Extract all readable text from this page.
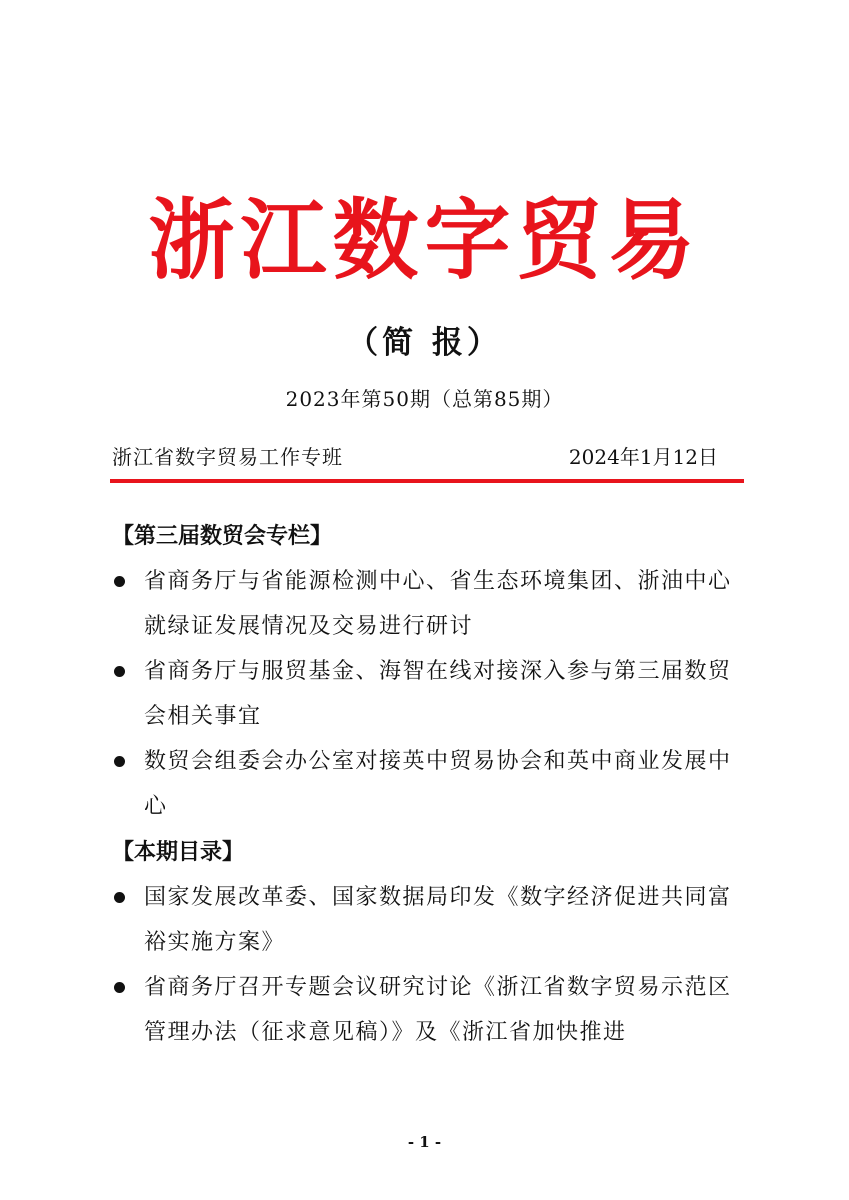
浙江数字贸易
（简 报）
2023年第50期（总第85期）
浙江省数字贸易工作专班	2024年1月12日
【第三届数贸会专栏】
省商务厅与省能源检测中心、省生态环境集团、浙油中心就绿证发展情况及交易进行研讨
省商务厅与服贸基金、海智在线对接深入参与第三届数贸会相关事宜
数贸会组委会办公室对接英中贸易协会和英中商业发展中心
【本期目录】
国家发展改革委、国家数据局印发《数字经济促进共同富裕实施方案》
省商务厅召开专题会议研究讨论《浙江省数字贸易示范区管理办法（征求意见稿）》及《浙江省加快推进
- 1 -
